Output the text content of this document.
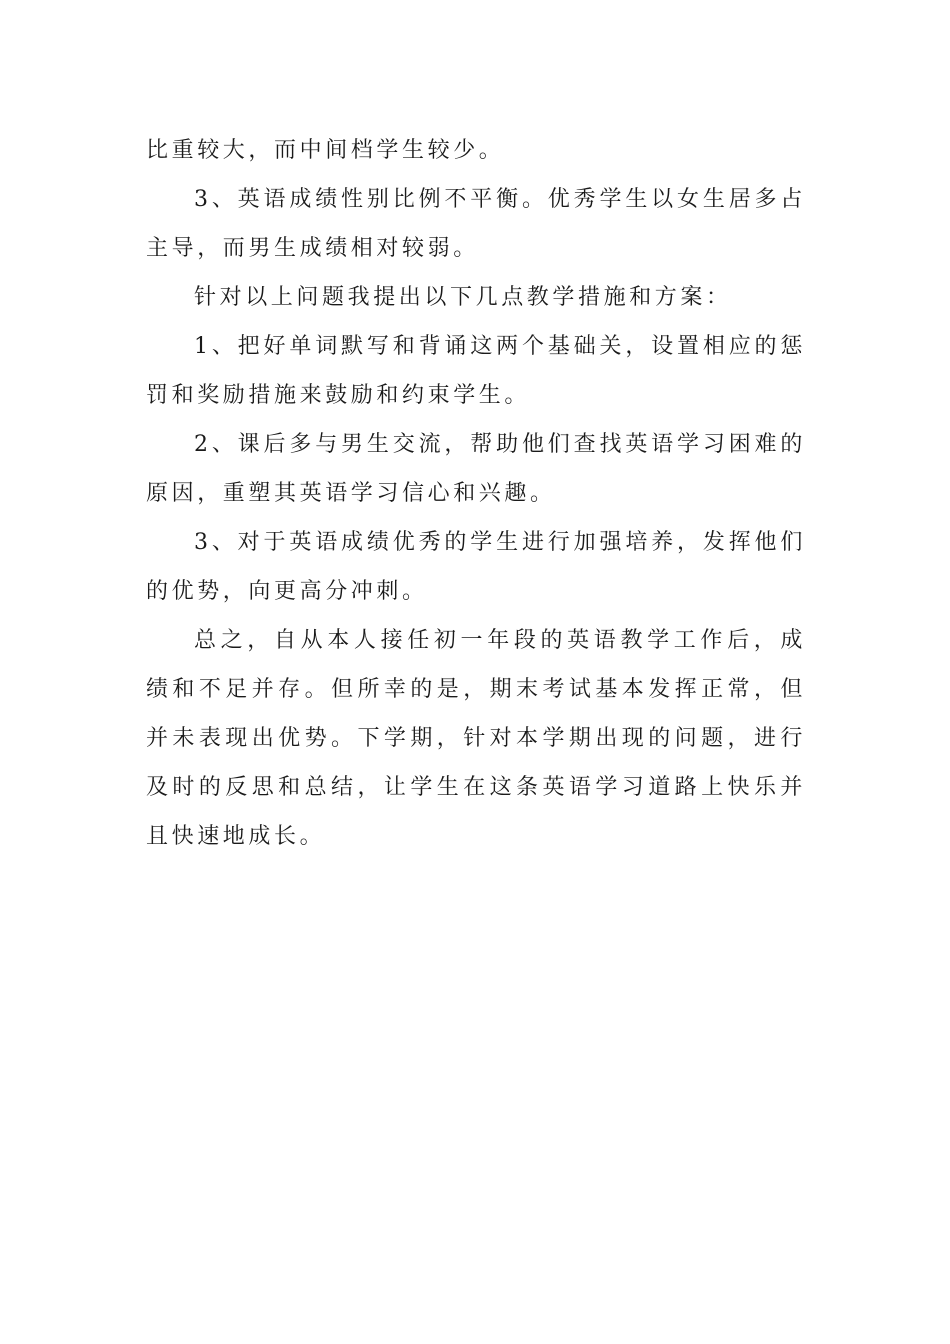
比重较大，而中间档学生较少。

3、英语成绩性别比例不平衡。优秀学生以女生居多占主导，而男生成绩相对较弱。

针对以上问题我提出以下几点教学措施和方案：

1、把好单词默写和背诵这两个基础关，设置相应的惩罚和奖励措施来鼓励和约束学生。

2、课后多与男生交流，帮助他们查找英语学习困难的原因，重塑其英语学习信心和兴趣。

3、对于英语成绩优秀的学生进行加强培养，发挥他们的优势，向更高分冲刺。

总之，自从本人接任初一年段的英语教学工作后，成绩和不足并存。但所幸的是，期末考试基本发挥正常，但并未表现出优势。下学期，针对本学期出现的问题，进行及时的反思和总结，让学生在这条英语学习道路上快乐并且快速地成长。
